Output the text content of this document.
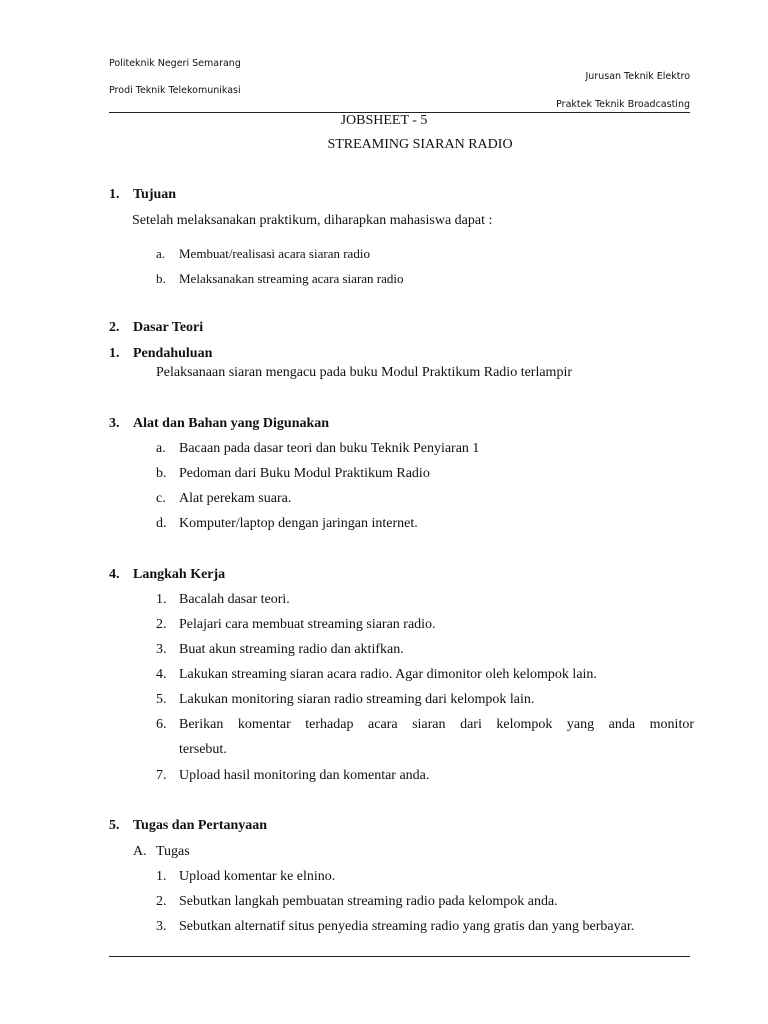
Politeknik Negeri Semarang
Prodi Teknik Telekomunikasi
Jurusan Teknik Elektro
Praktek Teknik Broadcasting
JOBSHEET - 5
STREAMING SIARAN RADIO
1. Tujuan
Setelah melaksanakan praktikum, diharapkan mahasiswa dapat :
a. Membuat/realisasi acara siaran radio
b. Melaksanakan streaming acara siaran radio
2. Dasar Teori
1. Pendahuluan
Pelaksanaan siaran mengacu pada buku Modul Praktikum Radio terlampir
3. Alat dan Bahan yang Digunakan
a. Bacaan pada dasar teori dan buku Teknik Penyiaran 1
b. Pedoman dari Buku Modul Praktikum Radio
c. Alat perekam suara.
d. Komputer/laptop dengan jaringan internet.
4. Langkah Kerja
1. Bacalah dasar teori.
2. Pelajari cara membuat streaming siaran radio.
3. Buat akun streaming radio dan aktifkan.
4. Lakukan streaming siaran acara radio. Agar dimonitor oleh kelompok lain.
5. Lakukan monitoring siaran radio streaming dari kelompok lain.
6. Berikan komentar terhadap acara siaran dari kelompok yang anda monitor
tersebut.
7. Upload hasil monitoring dan komentar anda.
5. Tugas dan Pertanyaan
A. Tugas
1. Upload komentar ke elnino.
2. Sebutkan langkah pembuatan streaming radio pada kelompok anda.
3. Sebutkan alternatif situs penyedia streaming radio yang gratis dan yang berbayar.
